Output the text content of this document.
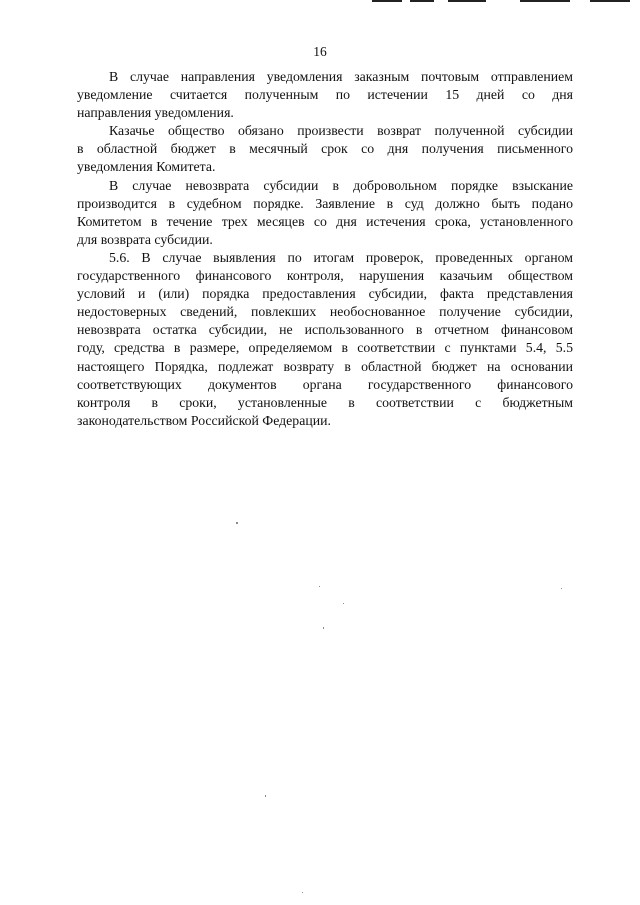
16
В случае направления уведомления заказным почтовым отправлением
уведомление считается полученным по истечении 15 дней со дня
направления уведомления.
Казачье общество обязано произвести возврат полученной субсидии
в областной бюджет в месячный срок со дня получения письменного
уведомления Комитета.
В случае невозврата субсидии в добровольном порядке взыскание
производится в судебном порядке. Заявление в суд должно быть подано
Комитетом в течение трех месяцев со дня истечения срока, установленного
для возврата субсидии.
5.6. В случае выявления по итогам проверок, проведенных органом
государственного финансового контроля, нарушения казачьим обществом
условий и (или) порядка предоставления субсидии, факта представления
недостоверных сведений, повлекших необоснованное получение субсидии,
невозврата остатка субсидии, не использованного в отчетном финансовом
году, средства в размере, определяемом в соответствии с пунктами 5.4, 5.5
настоящего Порядка, подлежат возврату в областной бюджет на основании
соответствующих документов органа государственного финансового
контроля в сроки, установленные в соответствии с бюджетным
законодательством Российской Федерации.
